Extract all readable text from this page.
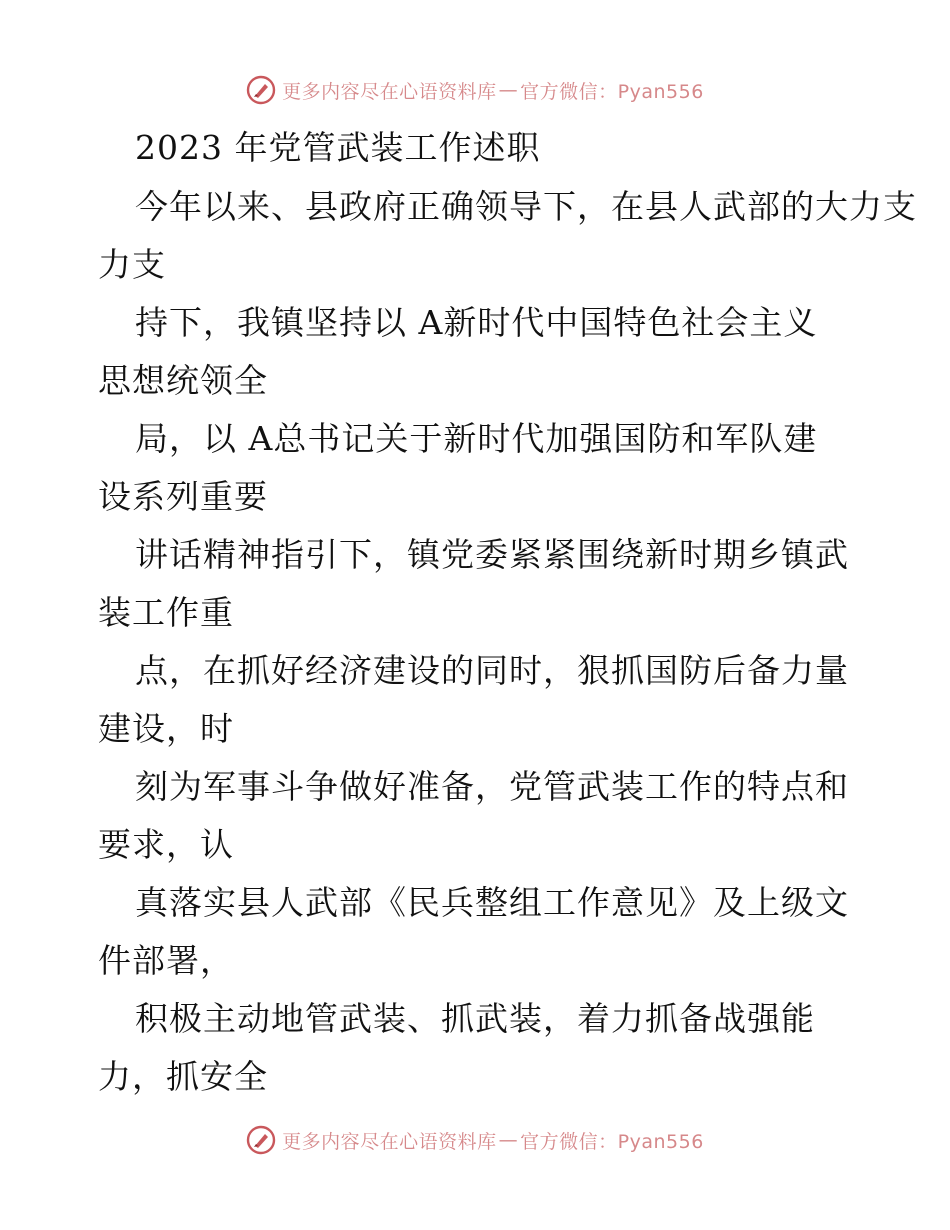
更多内容尽在心语资料库 — 官方微信：Pyan556
2023 年党管武装工作述职

今年以来、县政府正确领导下，在县人武部的大力支
力支

持下，我镇坚持以 A新时代中国特色社会主义
思想统领全

局，以 A总书记关于新时代加强国防和军队建
设系列重要

讲话精神指引下，镇党委紧紧围绕新时期乡镇武
装工作重

点，在抓好经济建设的同时，狠抓国防后备力量
建设，时

刻为军事斗争做好准备，党管武装工作的特点和
要求，认

真落实县人武部《民兵整组工作意见》及上级文
件部署，

积极主动地管武装、抓武装，着力抓备战强能
力，抓安全

更多内容尽在心语资料库 — 官方微信：Pyan556
